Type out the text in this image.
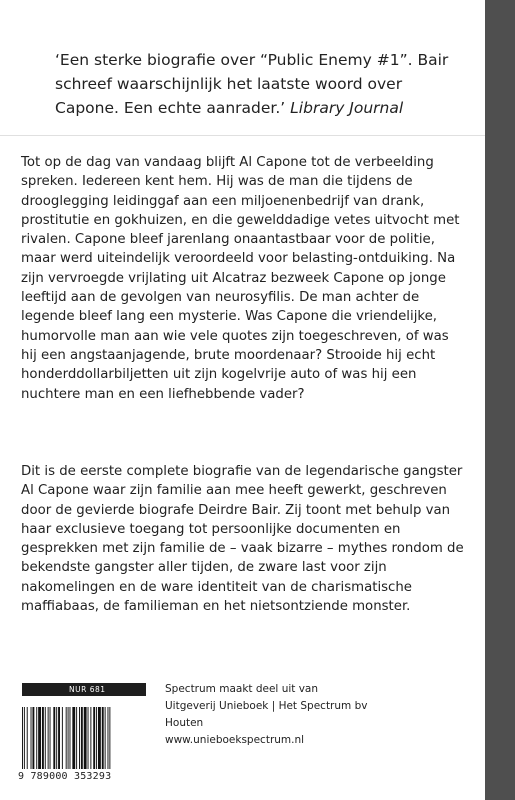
‘Een sterke biografie over “Public Enemy #1”. Bair schreef waarschijnlijk het laatste woord over Capone. Een echte aanrader.’ Library Journal
Tot op de dag van vandaag blijft Al Capone tot de verbeelding spreken. Iedereen kent hem. Hij was de man die tijdens de drooglegging leidinggaf aan een miljoenenbedrijf van drank, prostitutie en gokhuizen, en die gewelddadige vetes uitvocht met rivalen. Capone bleef jarenlang onaantastbaar voor de politie, maar werd uiteindelijk veroordeeld voor belasting-ontduiking. Na zijn vervroegde vrijlating uit Alcatraz bezweek Capone op jonge leeftijd aan de gevolgen van neurosyfilis. De man achter de legende bleef lang een mysterie. Was Capone die vriendelijke, humorvolle man aan wie vele quotes zijn toegeschreven, of was hij een angstaanjagende, brute moordenaar? Strooide hij echt honderddollarbiljetten uit zijn kogelvrije auto of was hij een nuchtere man en een liefhebbende vader?
Dit is de eerste complete biografie van de legendarische gangster Al Capone waar zijn familie aan mee heeft gewerkt, geschreven door de gevierde biografe Deirdre Bair. Zij toont met behulp van haar exclusieve toegang tot persoonlijke documenten en gesprekken met zijn familie de – vaak bizarre – mythes rondom de bekendste gangster aller tijden, de zware last voor zijn nakomelingen en de ware identiteit van de charismatische maffiabaas, de familieman en het nietsontziende monster.
NUR 681
9 789000 353293
Spectrum maakt deel uit van
Uitgeverij Unieboek | Het Spectrum bv
Houten
www.unieboekspectrum.nl
